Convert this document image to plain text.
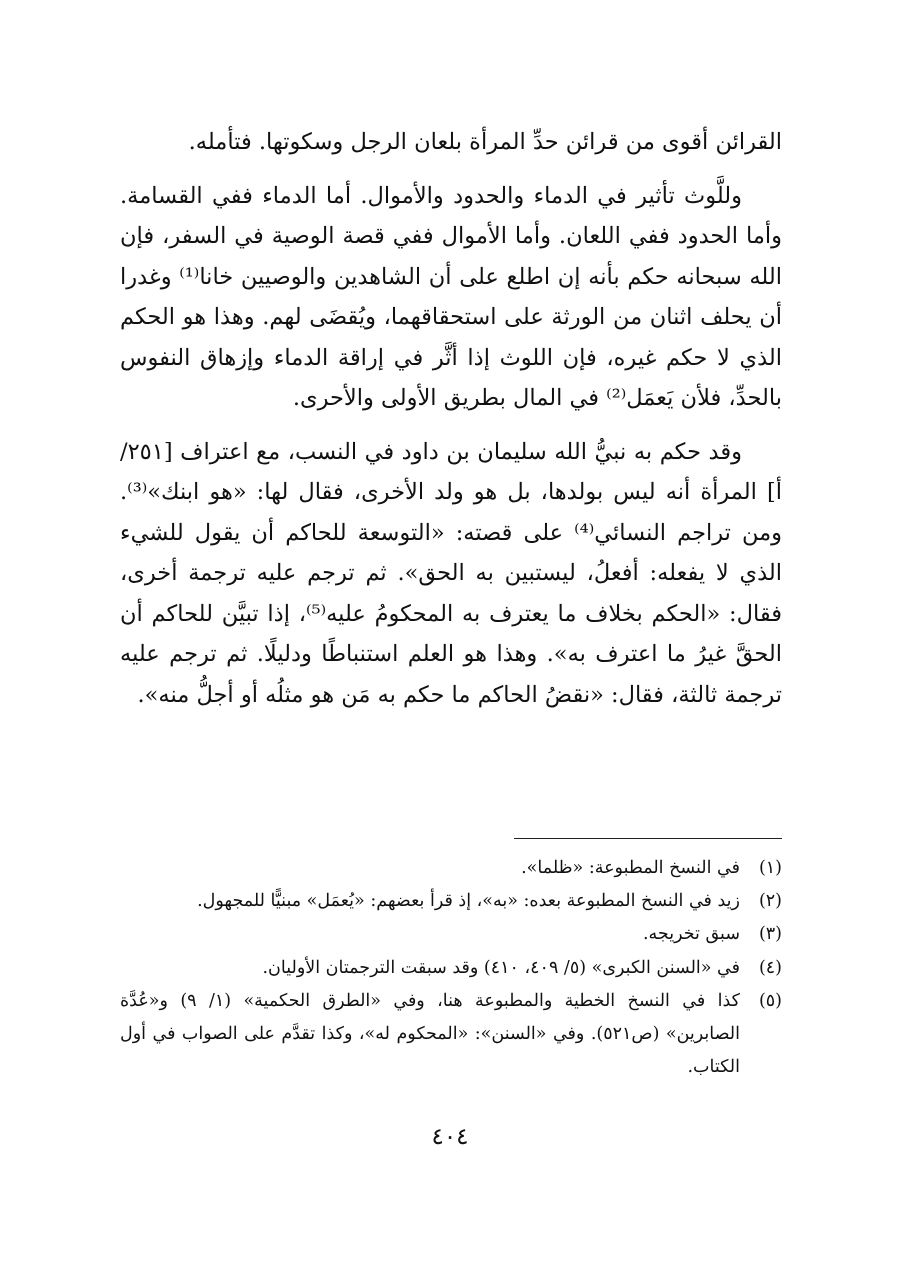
القرائن أقوى من قرائن حدِّ المرأة بلعان الرجل وسكوتها. فتأمله.

وللَّوث تأثير في الدماء والحدود والأموال. أما الدماء ففي القسامة. وأما الحدود ففي اللعان. وأما الأموال ففي قصة الوصية في السفر، فإن الله سبحانه حكم بأنه إن اطلع على أن الشاهدين والوصيين خانا⁽¹⁾ وغدرا أن يحلف اثنان من الورثة على استحقاقهما، ويُقضَى لهم. وهذا هو الحكم الذي لا حكم غيره، فإن اللوث إذا أثَّر في إراقة الدماء وإزهاق النفوس بالحدِّ، فلأن يَعمَل⁽²⁾ في المال بطريق الأولى والأحرى.

وقد حكم به نبيُّ الله سليمان بن داود في النسب، مع اعتراف [٢٥١/أ] المرأة أنه ليس بولدها، بل هو ولد الأخرى، فقال لها: «هو ابنك»⁽³⁾. ومن تراجم النسائي⁽⁴⁾ على قصته: «التوسعة للحاكم أن يقول للشيء الذي لا يفعله: أفعلُ، ليستبين به الحق». ثم ترجم عليه ترجمة أخرى، فقال: «الحكم بخلاف ما يعترف به المحكومُ عليه⁽⁵⁾، إذا تبيَّن للحاكم أن الحقَّ غيرُ ما اعترف به». وهذا هو العلم استنباطًا ودليلًا. ثم ترجم عليه ترجمة ثالثة، فقال: «نقضُ الحاكم ما حكم به مَن هو مثلُه أو أجلُّ منه».

(١)
في النسخ المطبوعة: «ظلما».
(٢)
زيد في النسخ المطبوعة بعده: «به»، إذ قرأ بعضهم: «يُعمَل» مبنيًّا للمجهول.
(٣)
سبق تخريجه.
(٤)
في «السنن الكبرى» (٥/ ٤٠٩، ٤١٠) وقد سبقت الترجمتان الأوليان.
(٥)
كذا في النسخ الخطية والمطبوعة هنا، وفي «الطرق الحكمية» (١/ ٩) و«عُدَّة الصابرين» (ص٥٢١). وفي «السنن»: «المحكوم له»، وكذا تقدَّم على الصواب في أول الكتاب.
٤٠٤
